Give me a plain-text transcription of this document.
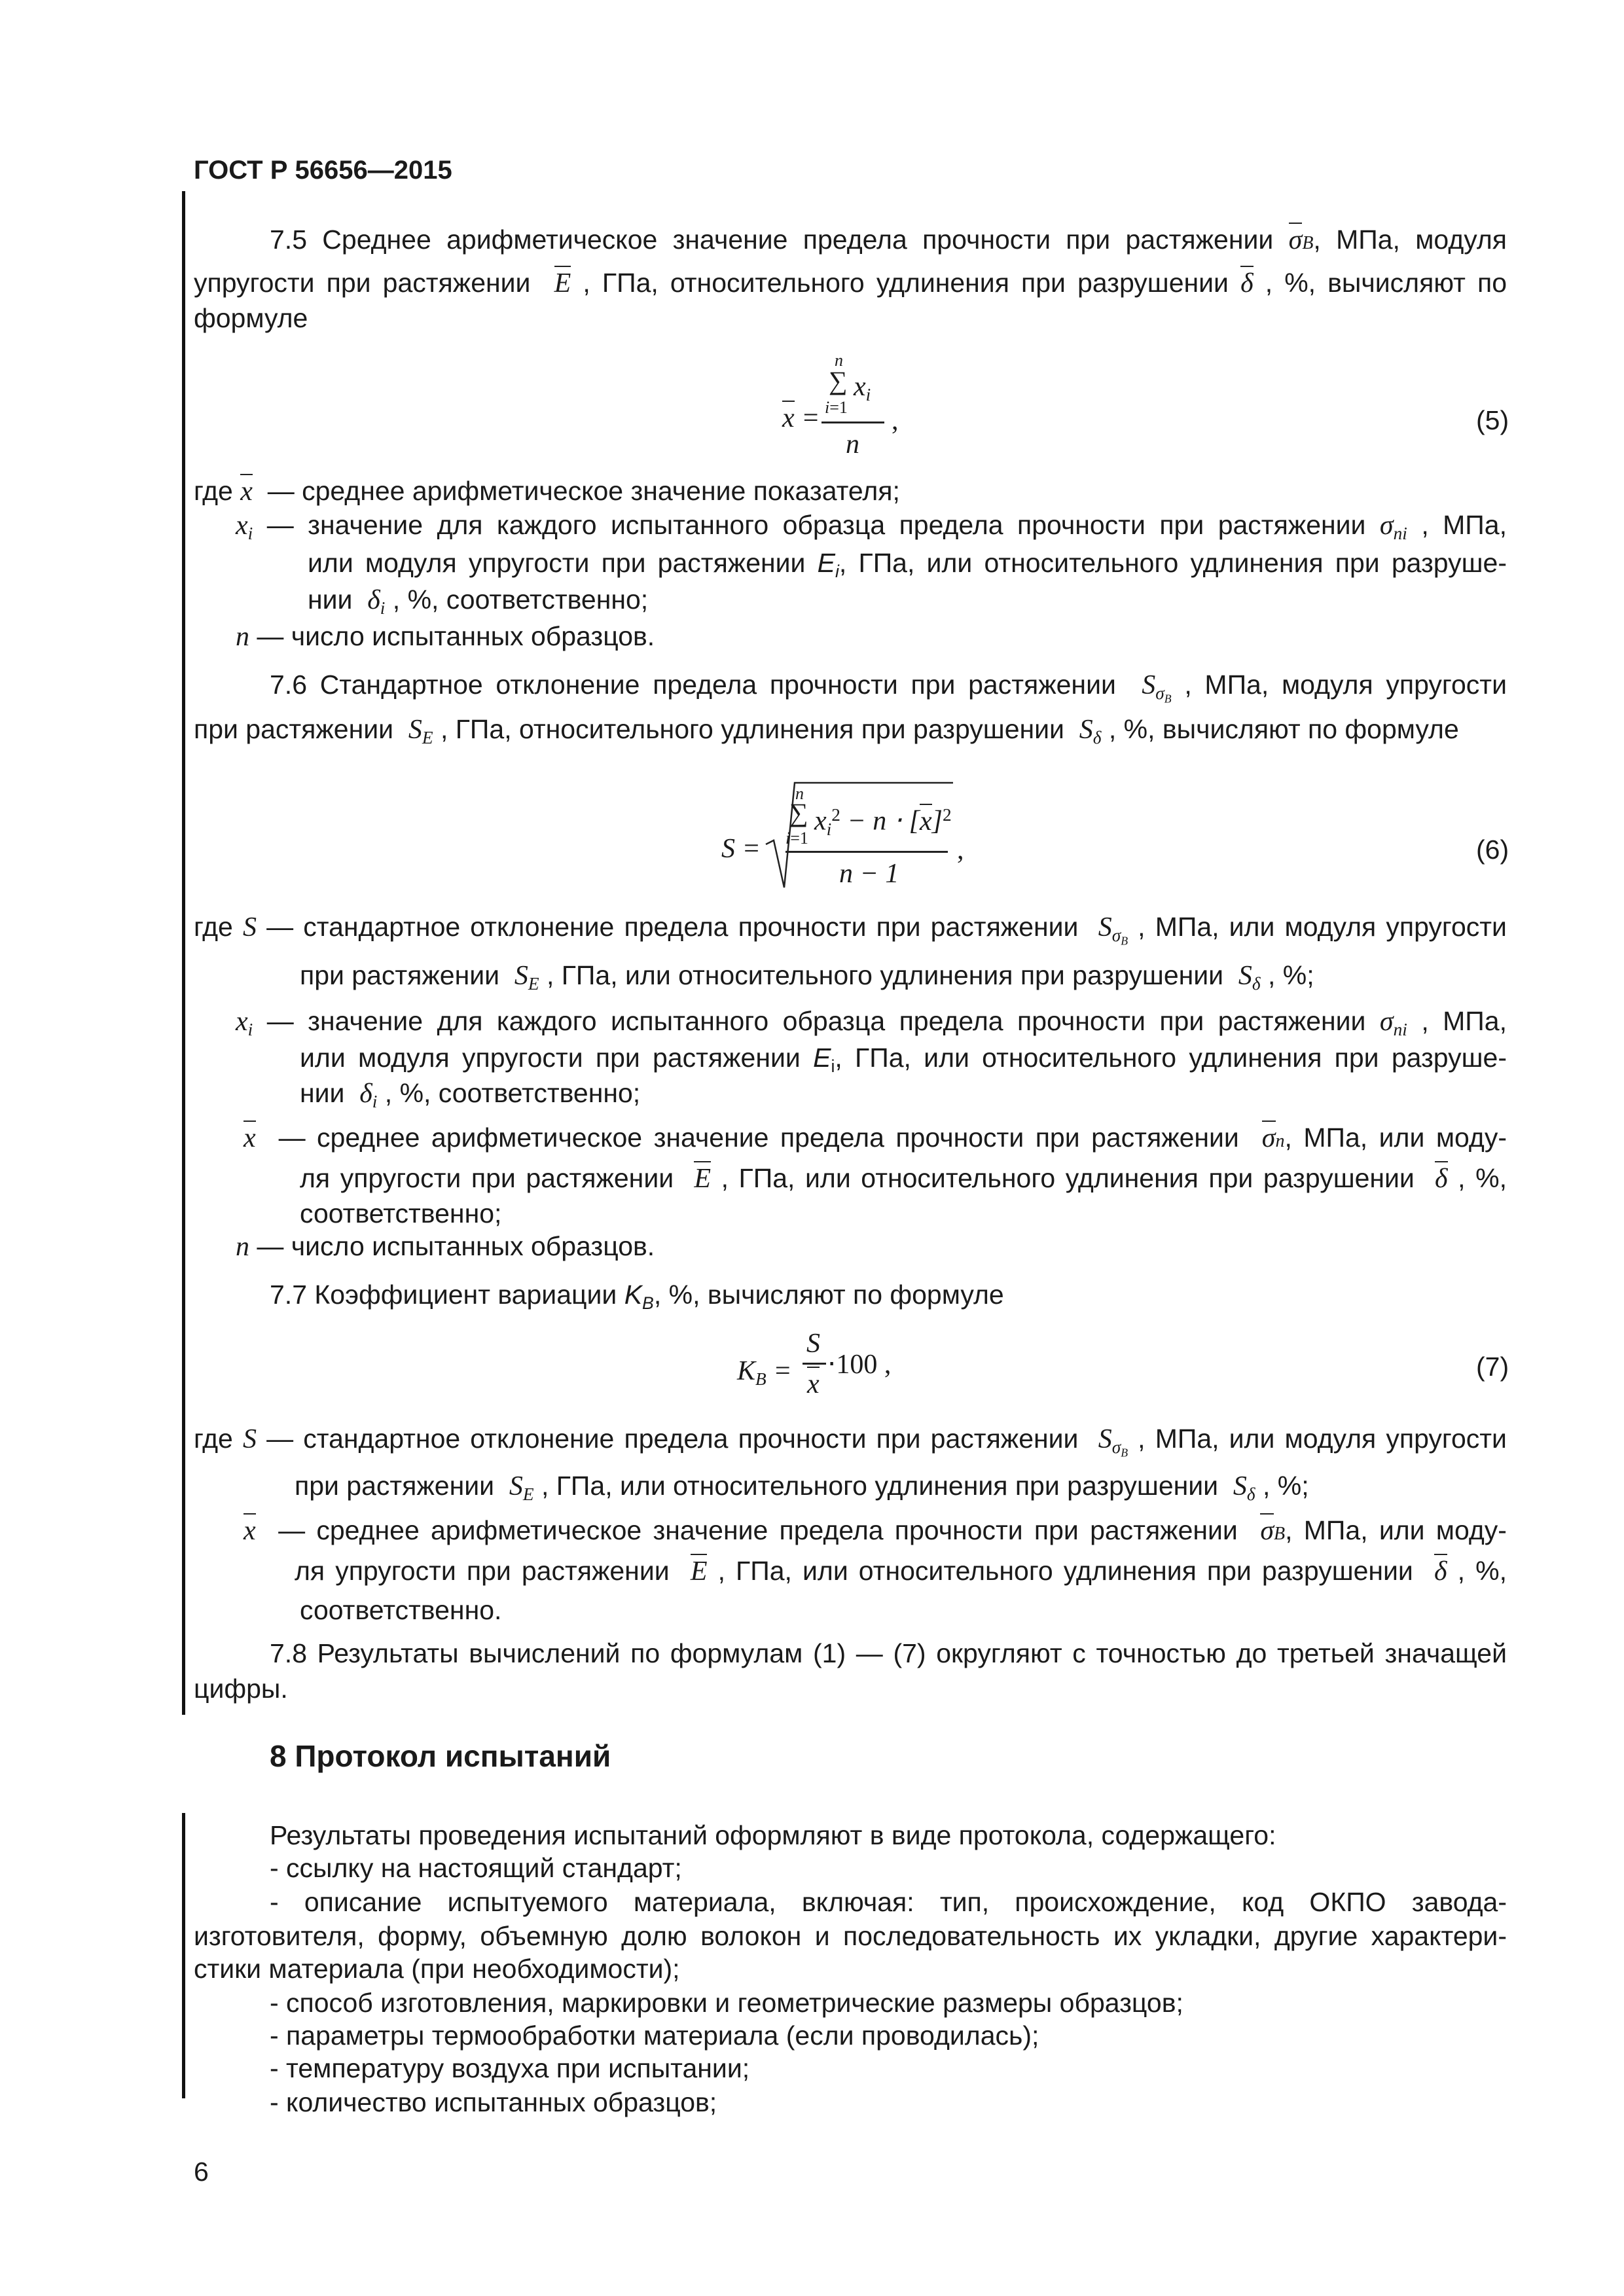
ГОСТ Р 56656—2015
7.5 Среднее арифметическое значение предела прочности при растяжении σB, МПа, модуля
упругости при растяжении E , ГПа, относительного удлинения при разрушении δ , %, вычисляют по
формуле
n
∑ $x_i$
i=1
x =
n
,	(5)
где x — среднее арифметическое значение показателя;
$x_i$ — значение для каждого испытанного образца предела прочности при растяжении $\sigma_{ni}$ , МПа,
или модуля упругости при растяжении $E_i$, ГПа, или относительного удлинения при разруше-
нии $\delta_i$ , %, соответственно;
n — число испытанных образцов.
7.6 Стандартное отклонение предела прочности при растяжении $S_{\sigma_B}$ , МПа, модуля упругости
при растяжении $S_E$ , ГПа, относительного удлинения при разрушении $S_\delta$ , %, вычисляют по формуле
S =
n
∑ $x_i^2 - n \cdot [x]^2$
i=1
n − 1
,	(6)
где S — стандартное отклонение предела прочности при растяжении $S_{\sigma_B}$ , МПа, или модуля упругости
при растяжении $S_E$ , ГПа, или относительного удлинения при разрушении $S_\delta$ , %;
$x_i$ — значение для каждого испытанного образца предела прочности при растяжении $\sigma_{ni}$ , МПа,
или модуля упругости при растяжении $E_i$, ГПа, или относительного удлинения при разруше-
нии $\delta_i$ , %, соответственно;
x — среднее арифметическое значение предела прочности при растяжении σn, МПа, или моду-
ля упругости при растяжении E , ГПа, или относительного удлинения при разрушении δ , %,
соответственно;
n — число испытанных образцов.
7.7 Коэффициент вариации $K_B$, %, вычисляют по формуле
$K_B$ =
S
x
⋅100 ,	(7)
где S — стандартное отклонение предела прочности при растяжении $S_{\sigma_B}$ , МПа, или модуля упругости
при растяжении $S_E$ , ГПа, или относительного удлинения при разрушении $S_\delta$ , %;
x — среднее арифметическое значение предела прочности при растяжении σB, МПа, или моду-
ля упругости при растяжении E , ГПа, или относительного удлинения при разрушении δ , %,
соответственно.
7.8 Результаты вычислений по формулам (1) — (7) округляют с точностью до третьей значащей
цифры.
8 Протокол испытаний
Результаты проведения испытаний оформляют в виде протокола, содержащего:
- ссылку на настоящий стандарт;
- описание испытуемого материала, включая: тип, происхождение, код ОКПО завода-
изготовителя, форму, объемную долю волокон и последовательность их укладки, другие характери-
стики материала (при необходимости);
- способ изготовления, маркировки и геометрические размеры образцов;
- параметры термообработки материала (если проводилась);
- температуру воздуха при испытании;
- количество испытанных образцов;
6
